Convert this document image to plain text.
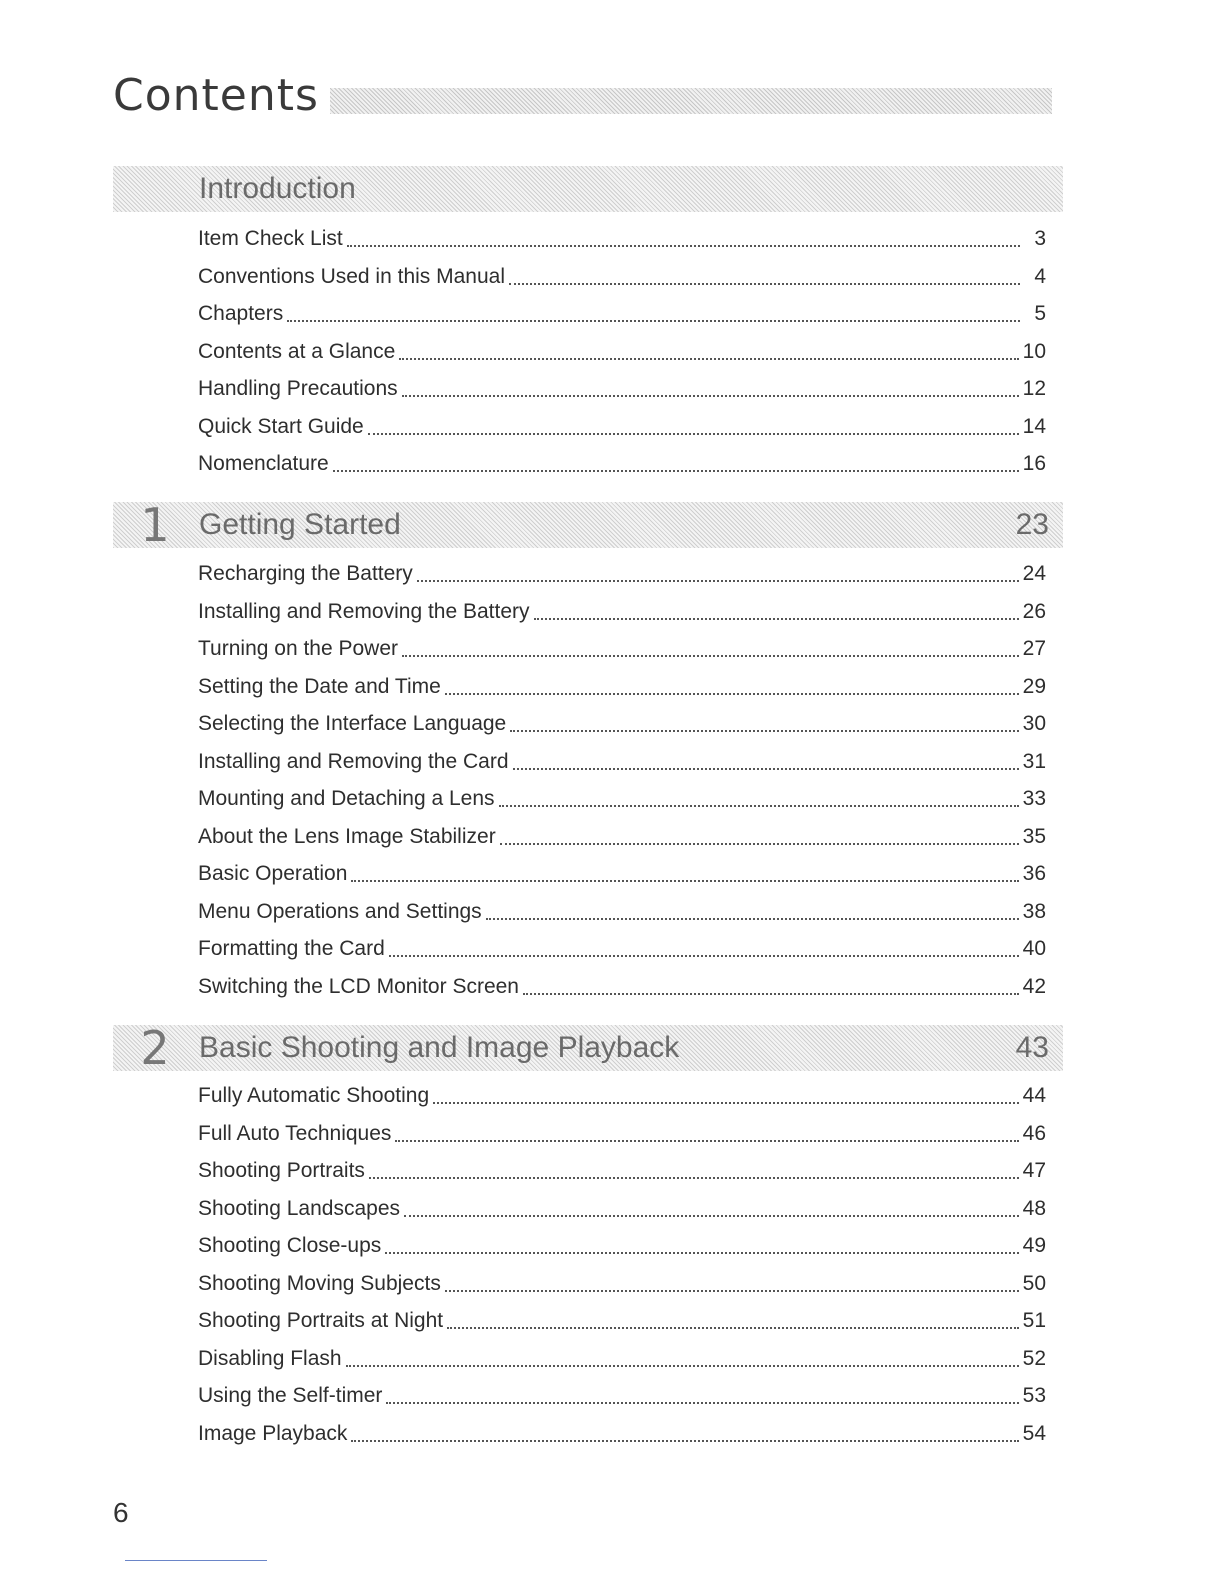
Contents
Introduction
Item Check List	3
Conventions Used in this Manual	4
Chapters	5
Contents at a Glance	10
Handling Precautions	12
Quick Start Guide	14
Nomenclature	16
1 Getting Started	23
Recharging the Battery	24
Installing and Removing the Battery	26
Turning on the Power	27
Setting the Date and Time	29
Selecting the Interface Language	30
Installing and Removing the Card	31
Mounting and Detaching a Lens	33
About the Lens Image Stabilizer	35
Basic Operation	36
Menu Operations and Settings	38
Formatting the Card	40
Switching the LCD Monitor Screen	42
2 Basic Shooting and Image Playback	43
Fully Automatic Shooting	44
Full Auto Techniques	46
Shooting Portraits	47
Shooting Landscapes	48
Shooting Close-ups	49
Shooting Moving Subjects	50
Shooting Portraits at Night	51
Disabling Flash	52
Using the Self-timer	53
Image Playback	54
6
